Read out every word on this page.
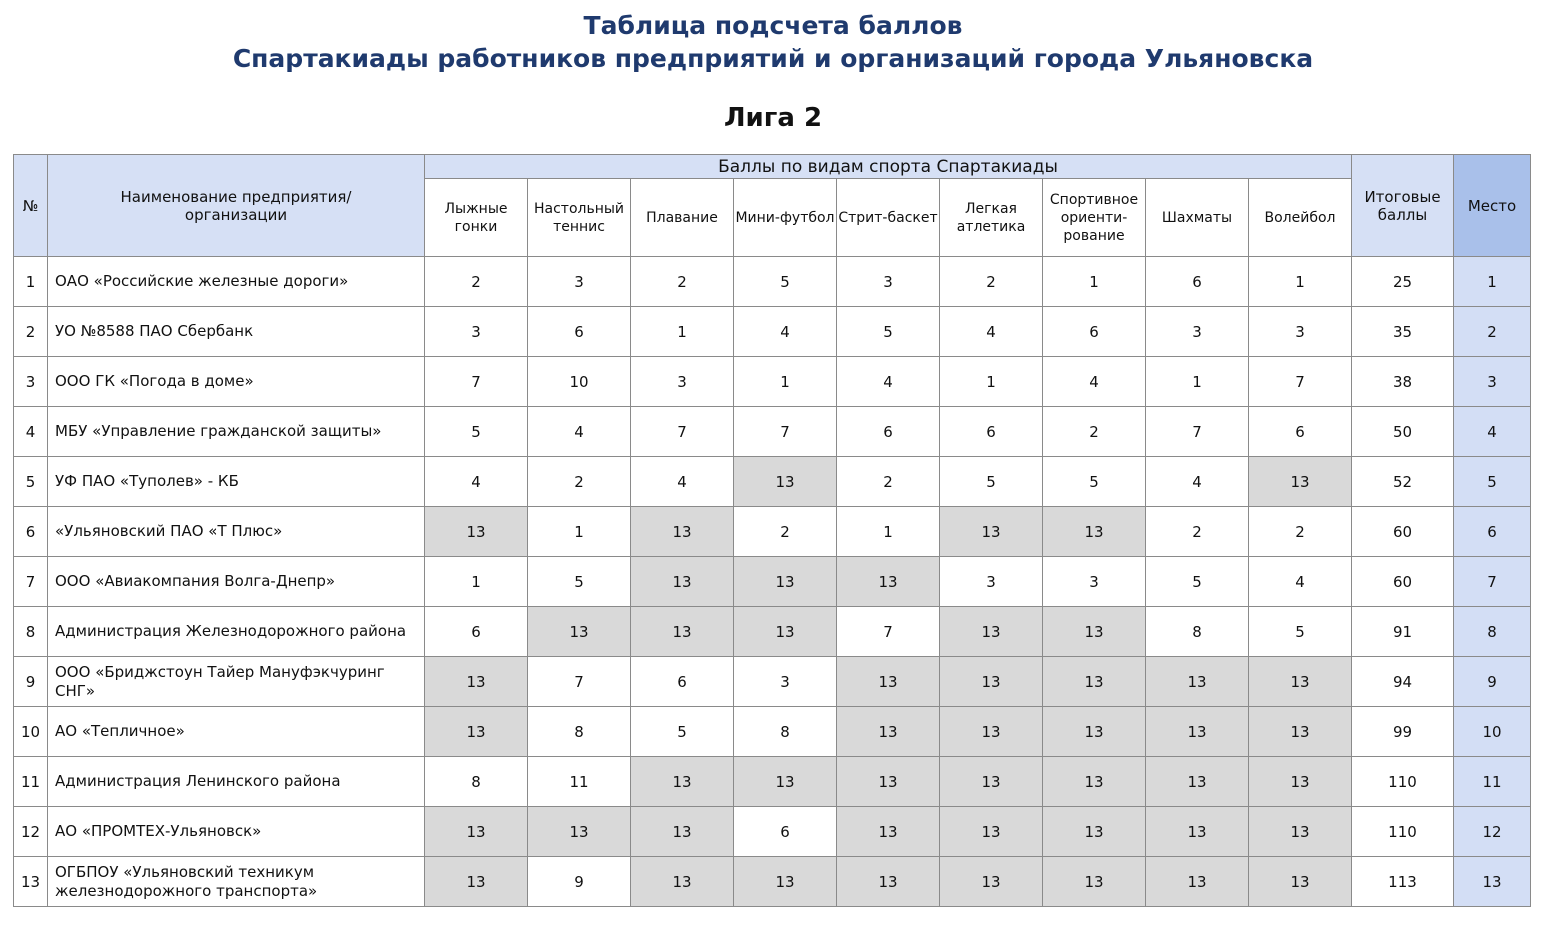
Таблица подсчета баллов
Спартакиады работников предприятий и организаций города Ульяновска
Лига 2
№	Наименование предприятия/ организации	Баллы по видам спорта Спартакиады									Итоговые баллы	Место
		Лыжные гонки	Настольный теннис	Плавание	Мини-футбол	Стрит-баскет	Легкая атлетика	Спортивное ориенти-рование	Шахматы	Волейбол		
1	ОАО «Российские железные дороги»	2	3	2	5	3	2	1	6	1	25	1
2	УО №8588 ПАО Сбербанк	3	6	1	4	5	4	6	3	3	35	2
3	ООО ГК «Погода в доме»	7	10	3	1	4	1	4	1	7	38	3
4	МБУ «Управление гражданской защиты»	5	4	7	7	6	6	2	7	6	50	4
5	УФ ПАО «Туполев» - КБ	4	2	4	13	2	5	5	4	13	52	5
6	«Ульяновский ПАО «Т Плюс»	13	1	13	2	1	13	13	2	2	60	6
7	ООО «Авиакомпания Волга-Днепр»	1	5	13	13	13	3	3	5	4	60	7
8	Администрация Железнодорожного района	6	13	13	13	7	13	13	8	5	91	8
9	ООО «Бриджстоун Тайер Мануфэкчуринг СНГ»	13	7	6	3	13	13	13	13	13	94	9
10	АО «Тепличное»	13	8	5	8	13	13	13	13	13	99	10
11	Администрация Ленинского района	8	11	13	13	13	13	13	13	13	110	11
12	АО «ПРОМТЕХ-Ульяновск»	13	13	13	6	13	13	13	13	13	110	12
13	ОГБПОУ «Ульяновский техникум железнодорожного транспорта»	13	9	13	13	13	13	13	13	13	113	13
